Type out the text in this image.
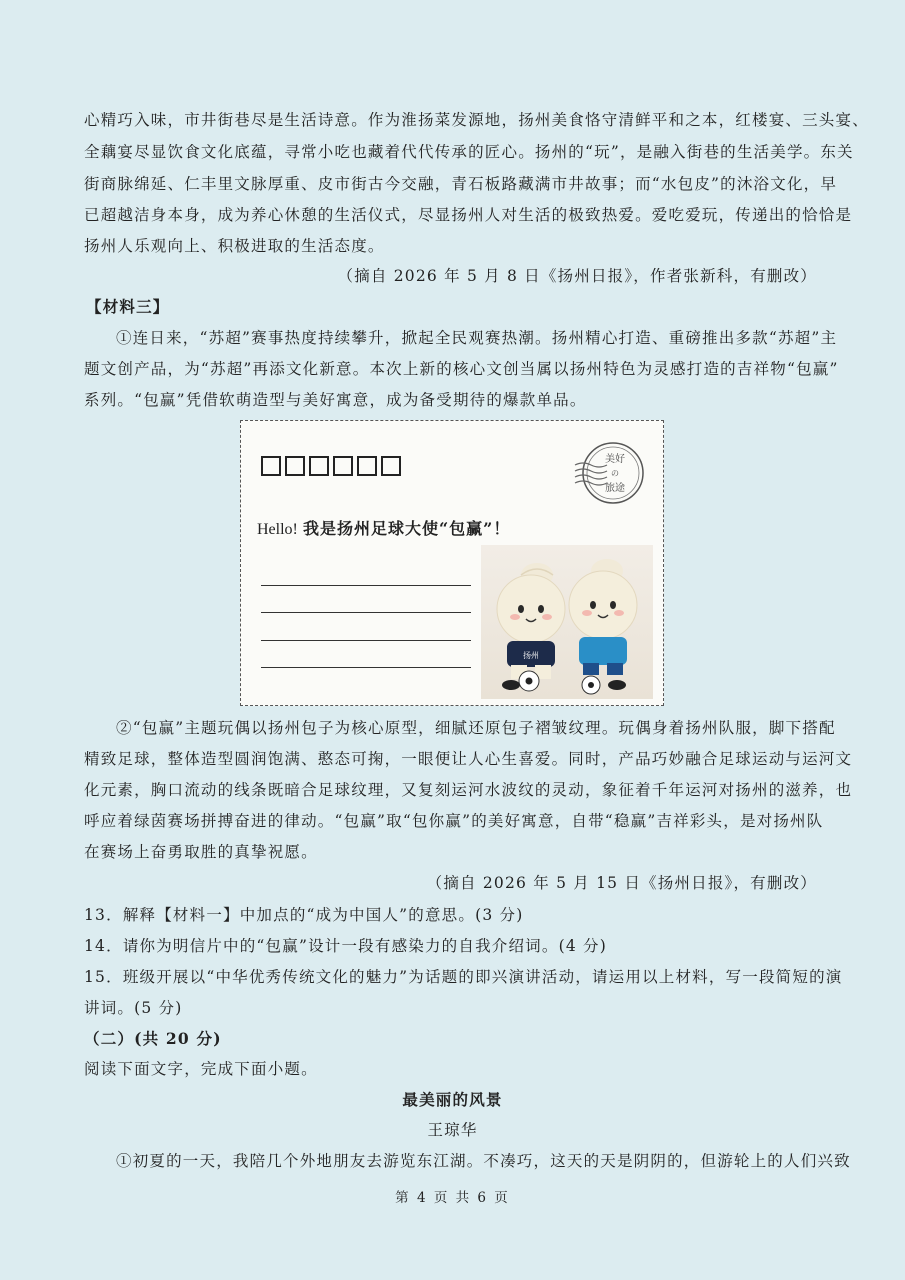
心精巧入味，市井街巷尽是生活诗意。作为淮扬菜发源地，扬州美食恪守清鲜平和之本，红楼宴、三头宴、
全藕宴尽显饮食文化底蕴，寻常小吃也藏着代代传承的匠心。扬州的“玩”，是融入街巷的生活美学。东关
街商脉绵延、仁丰里文脉厚重、皮市街古今交融，青石板路藏满市井故事；而“水包皮”的沐浴文化，早
已超越洁身本身，成为养心休憩的生活仪式，尽显扬州人对生活的极致热爱。爱吃爱玩，传递出的恰恰是
扬州人乐观向上、积极进取的生活态度。
（摘自 2026 年 5 月 8 日《扬州日报》，作者张新科，有删改）
【材料三】
①连日来，“苏超”赛事热度持续攀升，掀起全民观赛热潮。扬州精心打造、重磅推出多款“苏超”主
题文创产品，为“苏超”再添文化新意。本次上新的核心文创当属以扬州特色为灵感打造的吉祥物“包赢”
系列。“包赢”凭借软萌造型与美好寓意，成为备受期待的爆款单品。
美好
の
旅途
Hello! 我是扬州足球大使“包赢”！
扬州
②“包赢”主题玩偶以扬州包子为核心原型，细腻还原包子褶皱纹理。玩偶身着扬州队服，脚下搭配
精致足球，整体造型圆润饱满、憨态可掬，一眼便让人心生喜爱。同时，产品巧妙融合足球运动与运河文
化元素，胸口流动的线条既暗合足球纹理，又复刻运河水波纹的灵动，象征着千年运河对扬州的滋养，也
呼应着绿茵赛场拼搏奋进的律动。“包赢”取“包你赢”的美好寓意，自带“稳赢”吉祥彩头，是对扬州队
在赛场上奋勇取胜的真挚祝愿。
（摘自 2026 年 5 月 15 日《扬州日报》，有删改）
13．解释【材料一】中加点的“成为中国人”的意思。(3 分)
14．请你为明信片中的“包赢”设计一段有感染力的自我介绍词。(4 分)
15．班级开展以“中华优秀传统文化的魅力”为话题的即兴演讲活动，请运用以上材料，写一段简短的演
讲词。(5 分)
（二）(共 20 分)
阅读下面文字，完成下面小题。
最美丽的风景
王琼华
①初夏的一天，我陪几个外地朋友去游览东江湖。不凑巧，这天的天是阴阴的，但游轮上的人们兴致
第 4 页 共 6 页
